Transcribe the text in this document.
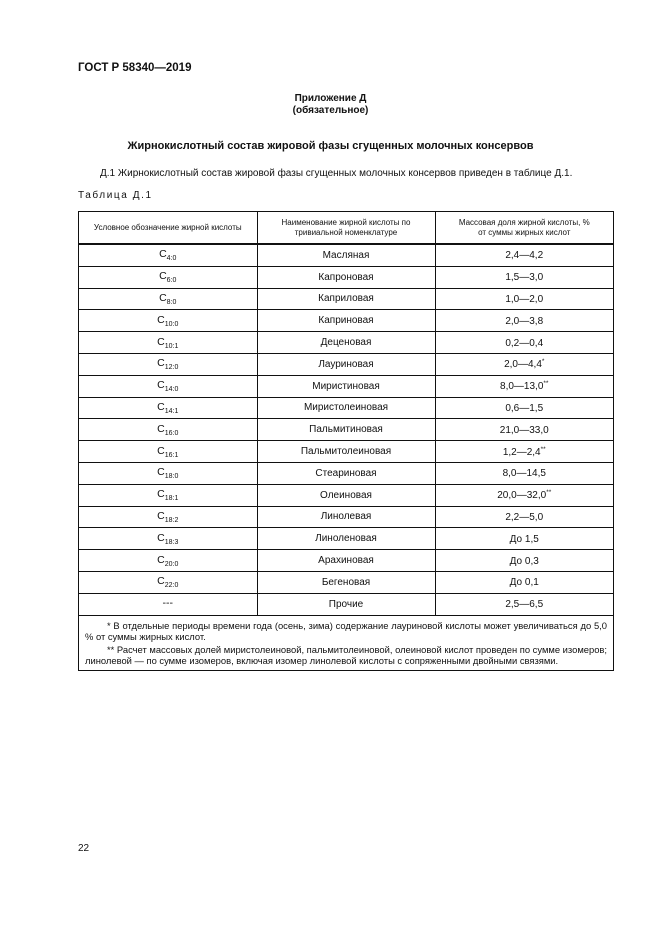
ГОСТ Р 58340—2019
Приложение Д
(обязательное)
Жирнокислотный состав жировой фазы сгущенных молочных консервов
Д.1 Жирнокислотный состав жировой фазы сгущенных молочных консервов приведен в таблице Д.1.
Таблица Д.1
Условное обозначение жирной кислоты	Наименование жирной кислоты по тривиальной номенклатуре	Массовая доля жирной кислоты, % от суммы жирных кислот

$С_{4:0}$	Масляная	2,4—4,2
$С_{6:0}$	Капроновая	1,5—3,0
$С_{8:0}$	Каприловая	1,0—2,0
$С_{10:0}$	Каприновая	2,0—3,8
$С_{10:1}$	Деценовая	0,2—0,4
$С_{12:0}$	Лауриновая	2,0—4,4*
$С_{14:0}$	Миристиновая	8,0—13,0**
$С_{14:1}$	Миристолеиновая	0,6—1,5
$С_{16:0}$	Пальмитиновая	21,0—33,0
$С_{16:1}$	Пальмитолеиновая	1,2—2,4**
$С_{18:0}$	Стеариновая	8,0—14,5
$С_{18:1}$	Олеиновая	20,0—32,0**
$С_{18:2}$	Линолевая	2,2—5,0
$С_{18:3}$	Линоленовая	До 1,5
$С_{20:0}$	Арахиновая	До 0,3
$С_{22:0}$	Бегеновая	До 0,1
---	Прочие	2,5—6,5
* В отдельные периоды времени года (осень, зима) содержание лауриновой кислоты может увеличиваться до 5,0 % от суммы жирных кислот.
** Расчет массовых долей миристолеиновой, пальмитолеиновой, олеиновой кислот проведен по сумме изомеров; линолевой — по сумме изомеров, включая изомер линолевой кислоты с сопряженными двойными связями.
22
